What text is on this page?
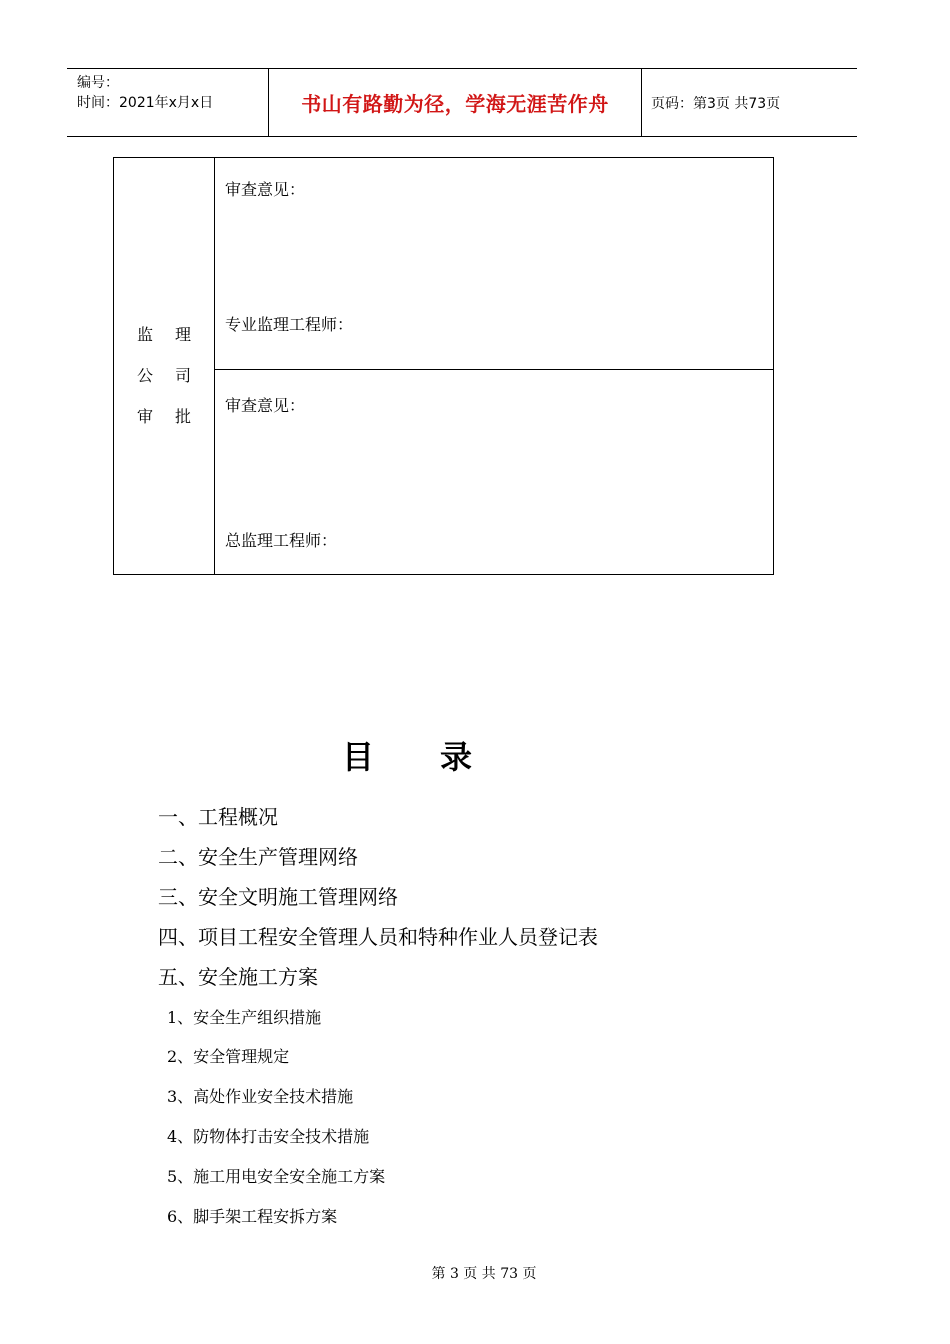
编号：
时间：2021年x月x日	书山有路勤为径，学海无涯苦作舟	页码：第3页 共73页
监理
公司
审批
审查意见：
专业监理工程师：
审查意见：
总监理工程师：
目录
一、工程概况
二、安全生产管理网络
三、安全文明施工管理网络
四、项目工程安全管理人员和特种作业人员登记表
五、安全施工方案
1、安全生产组织措施
2、安全管理规定
3、高处作业安全技术措施
4、防物体打击安全技术措施
5、施工用电安全安全施工方案
6、脚手架工程安拆方案
第 3 页 共 73 页
